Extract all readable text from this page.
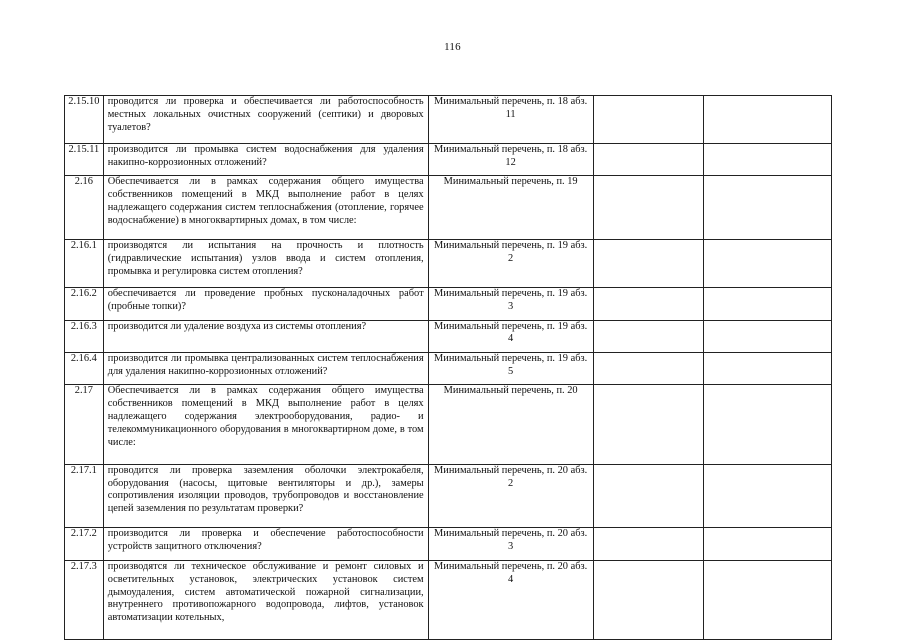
116
2.15.10	проводится ли проверка и обеспечивается ли работоспособность местных локальных очистных сооружений (септики) и дворовых туалетов?	Минимальный перечень, п. 18 абз. 11		
2.15.11	производится ли промывка систем водоснабжения для удаления накипно-коррозионных отложений?	Минимальный перечень, п. 18 абз. 12		
2.16	Обеспечивается ли в рамках содержания общего имущества собственников помещений в МКД выполнение работ в целях надлежащего содержания систем теплоснабжения (отопление, горячее водоснабжение) в многоквартирных домах, в том числе:	Минимальный перечень, п. 19		
2.16.1	производятся ли испытания на прочность и плотность (гидравлические испытания) узлов ввода и систем отопления, промывка и регулировка систем отопления?	Минимальный перечень, п. 19 абз. 2		
2.16.2	обеспечивается ли проведение пробных пусконаладочных работ (пробные топки)?	Минимальный перечень, п. 19 абз. 3		
2.16.3	производится ли удаление воздуха из системы отопления?	Минимальный перечень, п. 19 абз. 4		
2.16.4	производится ли промывка централизованных систем теплоснабжения для удаления накипно-коррозионных отложений?	Минимальный перечень, п. 19 абз. 5		
2.17	Обеспечивается ли в рамках содержания общего имущества собственников помещений в МКД выполнение работ в целях надлежащего содержания электрооборудования, радио- и телекоммуникационного оборудования в многоквартирном доме, в том числе:	Минимальный перечень, п. 20		
2.17.1	проводится ли проверка заземления оболочки электрокабеля, оборудования (насосы, щитовые вентиляторы и др.), замеры сопротивления изоляции проводов, трубопроводов и восстановление цепей заземления по результатам проверки?	Минимальный перечень, п. 20 абз. 2		
2.17.2	производится ли проверка и обеспечение работоспособности устройств защитного отключения?	Минимальный перечень, п. 20 абз. 3		
2.17.3	производятся ли техническое обслуживание и ремонт силовых и осветительных установок, электрических установок систем дымоудаления, систем автоматической пожарной сигнализации, внутреннего противопожарного водопровода, лифтов, установок автоматизации котельных,	Минимальный перечень, п. 20 абз. 4		
